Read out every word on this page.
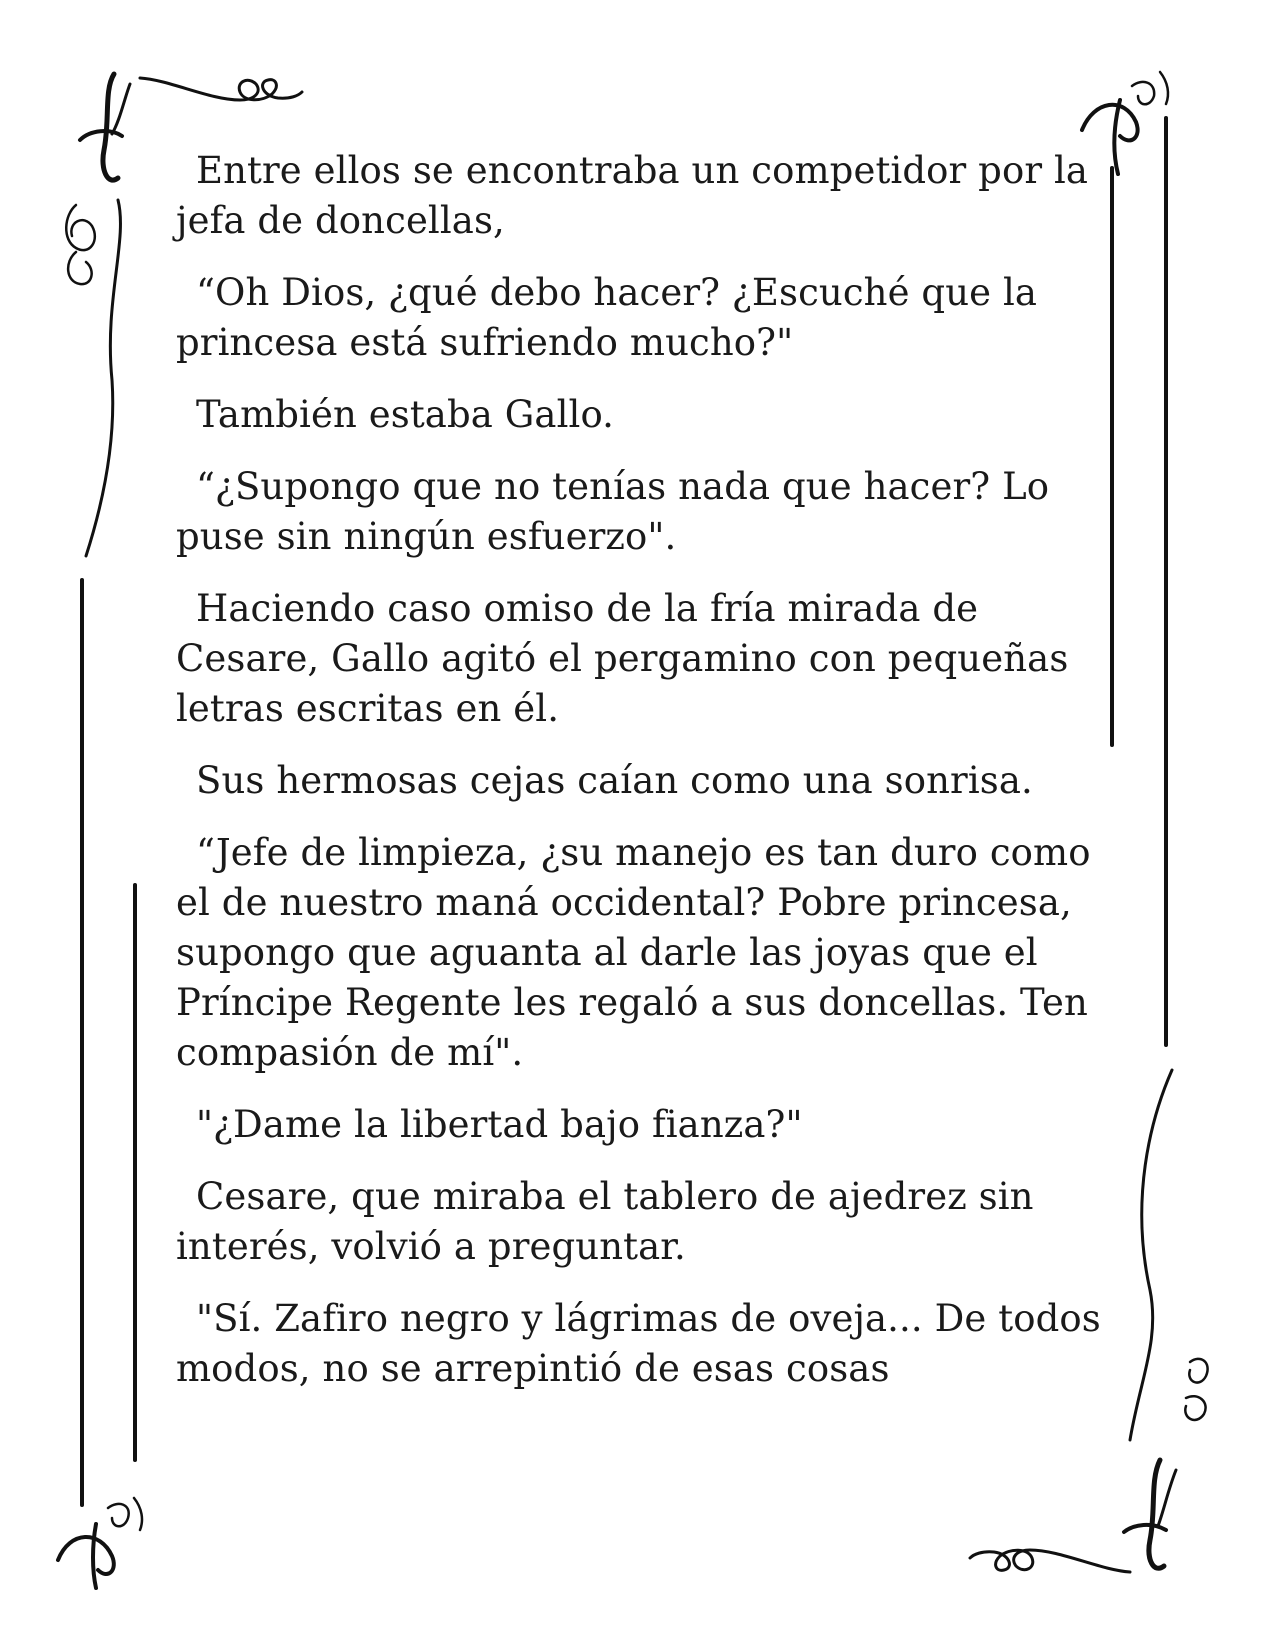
Entre ellos se encontraba un competidor por la jefa de doncellas,

“Oh Dios, ¿qué debo hacer? ¿Escuché que la princesa está sufriendo mucho?"

También estaba Gallo.

“¿Supongo que no tenías nada que hacer? Lo puse sin ningún esfuerzo".

Haciendo caso omiso de la fría mirada de Cesare, Gallo agitó el pergamino con pequeñas letras escritas en él.

Sus hermosas cejas caían como una sonrisa.

“Jefe de limpieza, ¿su manejo es tan duro como el de nuestro maná occidental? Pobre princesa, supongo que aguanta al darle las joyas que el Príncipe Regente les regaló a sus doncellas. Ten compasión de mí".

"¿Dame la libertad bajo fianza?"

Cesare, que miraba el tablero de ajedrez sin interés, volvió a preguntar.

"Sí. Zafiro negro y lágrimas de oveja... De todos modos, no se arrepintió de esas cosas
